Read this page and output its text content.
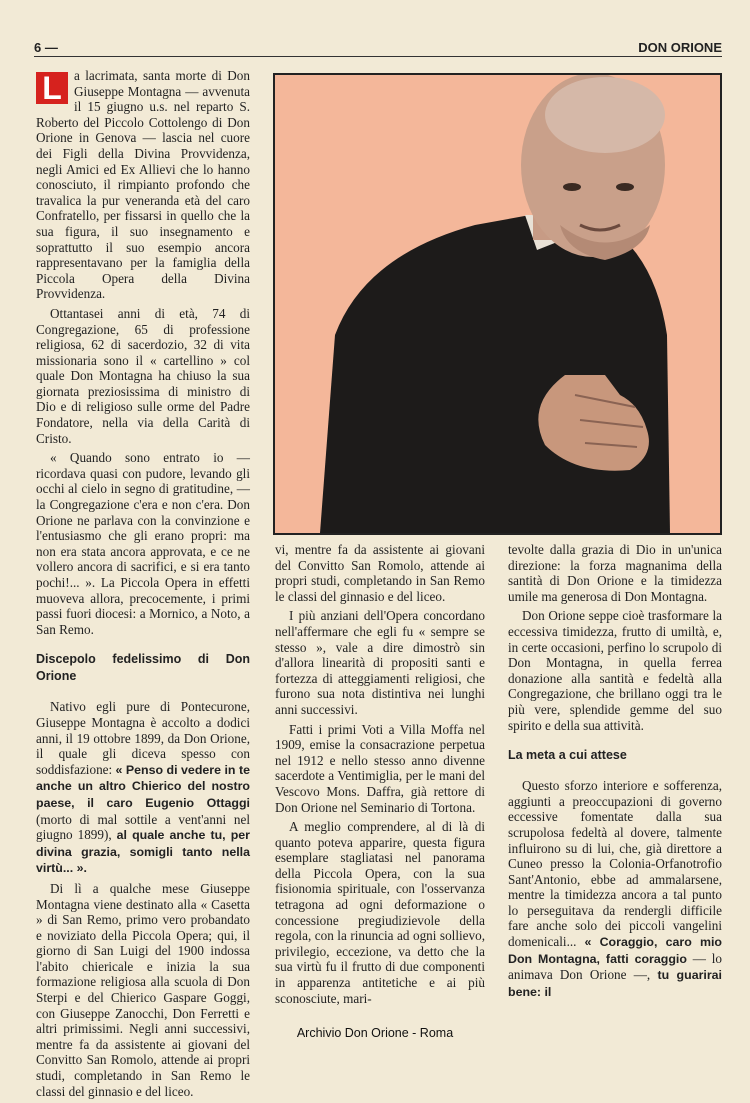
6 —	DON ORIONE

L a lacrimata, santa morte di Don Giuseppe Montagna — avvenuta il 15 giugno u.s. nel reparto S. Roberto del Piccolo Cottolengo di Don Orione in Genova — lascia nel cuore dei Figli della Divina Provvidenza, negli Amici ed Ex Allievi che lo hanno conosciuto, il rimpianto profondo che travalica la pur veneranda età del caro Confratello, per fissarsi in quello che la sua figura, il suo insegnamento e soprattutto il suo esempio ancora rappresentavano per la famiglia della Piccola Opera della Divina Provvidenza.

Ottantasei anni di età, 74 di Congregazione, 65 di professione religiosa, 62 di sacerdozio, 32 di vita missionaria sono il « cartellino » col quale Don Montagna ha chiuso la sua giornata preziosissima di ministro di Dio e di religioso sulle orme del Padre Fondatore, nella via della Carità di Cristo.

« Quando sono entrato io — ricordava quasi con pudore, levando gli occhi al cielo in segno di gratitudine, — la Congregazione c'era e non c'era. Don Orione ne parlava con la convinzione e l'entusiasmo che gli erano propri: ma non era stata ancora approvata, e ce ne vollero ancora di sacrifici, e si era tanto pochi!... ». La Piccola Opera in effetti muoveva allora, precocemente, i primi passi fuori diocesi: a Mornico, a Noto, a San Remo.

Discepolo fedelissimo di Don Orione

Nativo egli pure di Pontecurone, Giuseppe Montagna è accolto a dodici anni, il 19 ottobre 1899, da Don Orione, il quale gli diceva spesso con soddisfazione: « Penso di vedere in te anche un altro Chierico del nostro paese, il caro Eugenio Ottaggi (morto di mal sottile a vent'anni nel giugno 1899), al quale anche tu, per divina grazia, somigli tanto nella virtù... ».

Di lì a qualche mese Giuseppe Montagna viene destinato alla « Casetta » di San Remo, primo vero probandato e noviziato della Piccola Opera; qui, il giorno di San Luigi del 1900 indossa l'abito chiericale e inizia la sua formazione religiosa alla scuola di Don Sterpi e del Chierico Gaspare Goggi, con Giuseppe Zanocchi, Don Ferretti e altri primissimi. Negli anni successivi, mentre fa da assistente ai giovani del Convitto San Romolo, attende ai propri studi, completando in San Remo le classi del ginnasio e del liceo.

vi, mentre fa da assistente ai giovani del Convitto San Romolo, attende ai propri studi, completando in San Remo le classi del ginnasio e del liceo.

I più anziani dell'Opera concordano nell'affermare che egli fu « sempre se stesso », vale a dire dimostrò sin d'allora linearità di propositi santi e fortezza di atteggiamenti religiosi, che furono sua nota distintiva nei lunghi anni successivi.

Fatti i primi Voti a Villa Moffa nel 1909, emise la consacrazione perpetua nel 1912 e nello stesso anno divenne sacerdote a Ventimiglia, per le mani del Vescovo Mons. Daffra, già rettore di Don Orione nel Seminario di Tortona.

A meglio comprendere, al di là di quanto poteva apparire, questa figura esemplare stagliatasi nel panorama della Piccola Opera, con la sua fisionomia spirituale, con l'osservanza tetragona ad ogni deformazione o concessione pregiudizievole della regola, con la rinuncia ad ogni sollievo, privilegio, eccezione, va detto che la sua virtù fu il frutto di due componenti in apparenza antitetiche e ai più sconosciute, mari-

tevolte dalla grazia di Dio in un'unica direzione: la forza magnanima della santità di Don Orione e la timidezza umile ma generosa di Don Montagna.

Don Orione seppe cioè trasformare la eccessiva timidezza, frutto di umiltà, e, in certe occasioni, perfino lo scrupolo di Don Montagna, in quella ferrea donazione alla santità e fedeltà alla Congregazione, che brillano oggi tra le più vere, splendide gemme del suo spirito e della sua attività.

La meta a cui attese

Questo sforzo interiore e sofferenza, aggiunti a preoccupazioni di governo eccessive fomentate dalla sua scrupolosa fedeltà al dovere, talmente influirono su di lui, che, già direttore a Cuneo presso la Colonia-Orfanotrofio Sant'Antonio, ebbe ad ammalarsene, mentre la timidezza ancora a tal punto lo perseguitava da rendergli difficile fare anche solo dei piccoli vangelini domenicali... « Coraggio, caro mio Don Montagna, fatti coraggio — lo animava Don Orione —, tu guarirai bene: il

Archivio Don Orione - Roma
